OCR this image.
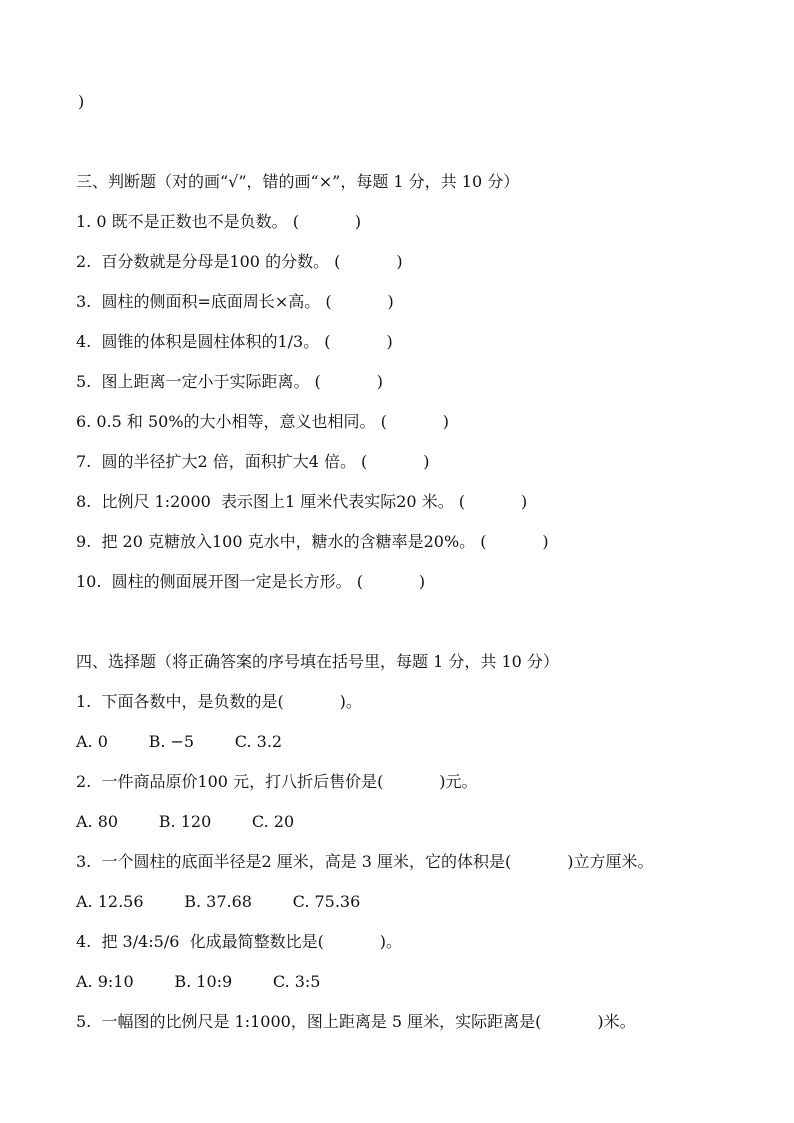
)
三、判断题（对的画“√”，错的画“×”，每题 1 分，共 10 分）
1. 0 既不是正数也不是负数。 (           )
2.  百分数就是分母是100 的分数。 (           )
3.  圆柱的侧面积=底面周长×高。 (           )
4.  圆锥的体积是圆柱体积的1/3。 (           )
5.  图上距离一定小于实际距离。 (           )
6. 0.5 和 50%的大小相等，意义也相同。 (           )
7.  圆的半径扩大2 倍，面积扩大4 倍。 (           )
8.  比例尺 1:2000  表示图上1 厘米代表实际20 米。 (           )
9.  把 20 克糖放入100 克水中，糖水的含糖率是20%。 (           )
10.  圆柱的侧面展开图一定是长方形。 (           )
四、选择题（将正确答案的序号填在括号里，每题 1 分，共 10 分）
1.  下面各数中，是负数的是(           )。
A. 0        B. −5        C. 3.2
2.  一件商品原价100 元，打八折后售价是(           )元。
A. 80        B. 120        C. 20
3.  一个圆柱的底面半径是2 厘米，高是 3 厘米，它的体积是(           )立方厘米。
A. 12.56        B. 37.68        C. 75.36
4.  把 3/4:5/6  化成最简整数比是(           )。
A. 9:10        B. 10:9        C. 3:5
5.  一幅图的比例尺是 1:1000，图上距离是 5 厘米，实际距离是(           )米。
